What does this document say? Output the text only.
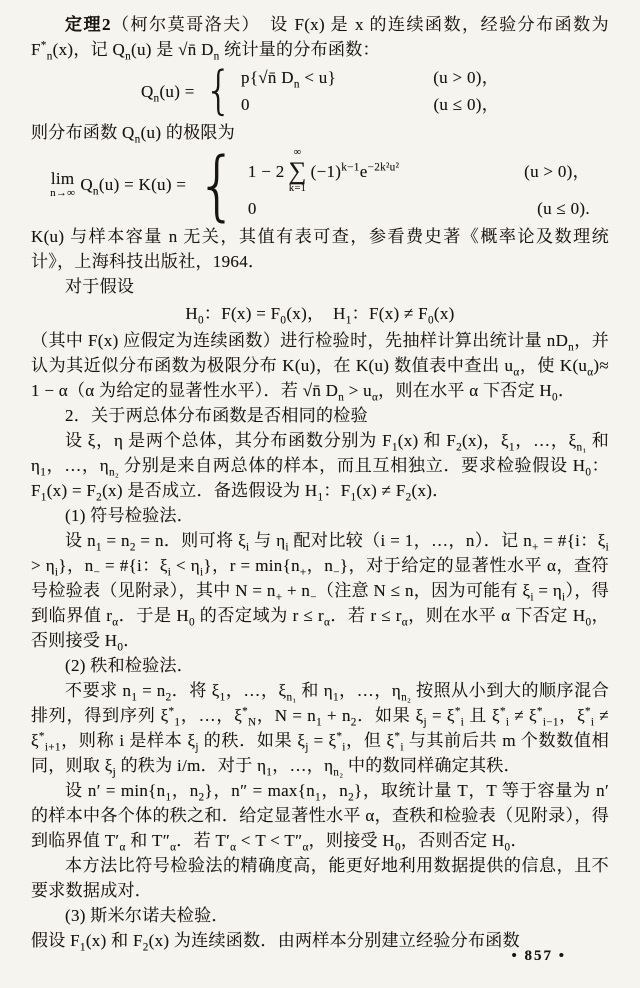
定理2（柯尔莫哥洛夫）　设 F(x) 是 x 的连续函数，经验分布函数为 $F^*_n(x)$，记 $Q_n(u)$ 是 √n̄ $D_n$ 统计量的分布函数：

$Q_n(u)$ = { p{√n̄ $D_n < u$}	(u > 0)，
0	(u ≤ 0)，

则分布函数 $Q_n(u)$ 的极限为

lim
n→∞ $Q_n(u) = K(u)$ = { 1 − 2
∞
∑
k=1
$(-1)^{k-1}e^{-2k^2u^2}$	(u > 0)，
0	(u ≤ 0).

K(u) 与样本容量 n 无关，其值有表可查，参看费史著《概率论及数理统计》，上海科技出版社，1964．

对于假设

$H_0$：$F(x) = F_0(x)$，　$H_1$：$F(x) \ne F_0(x)$

（其中 F(x) 应假定为连续函数）进行检验时，先抽样计算出统计量 $nD_n$，并认为其近似分布函数为极限分布 K(u)，在 K(u) 数值表中查出 $u_\alpha$，使 $K(u_\alpha)\approx 1 - \alpha(\alpha$ 为给定的显著性水平）．若 √n̄ $D_n > u_\alpha$，则在水平 α 下否定 $H_0$．

2．关于两总体分布函数是否相同的检验

设 ξ，η 是两个总体，其分布函数分别为 $F_1(x)$ 和 $F_2(x)$，$\xi_1$，…，$\xi_{n_1}$ 和 $\eta_1$，…，$\eta_{n_2}$ 分别是来自两总体的样本，而且互相独立．要求检验假设 $H_0$：$F_1(x) = F_2(x)$ 是否成立．备选假设为 $H_1$：$F_1(x) \ne F_2(x)$．

(1) 符号检验法．

设 $n_1 = n_2 = n$．则可将 $\xi_i$ 与 $\eta_i$ 配对比较（i = 1，…，n）．记 $n_+$ = #{i：$\xi_i > \eta_i$}，$n_-$ = #{i：$\xi_i < \eta_i$}，$r = \min\{n_+$，$n_-$}，对于给定的显著性水平 α，查符号检验表（见附录），其中 $N = n_+ + n_-$（注意 N ≤ n，因为可能有 $\xi_i = \eta_i$），得到临界值 $r_\alpha$．于是 $H_0$ 的否定域为 $r \le r_\alpha$．若 $r \le r_\alpha$，则在水平 α 下否定 $H_0$，否则接受 $H_0$．

(2) 秩和检验法．

不要求 $n_1 = n_2$．将 $\xi_1$，…，$\xi_{n_1}$ 和 $\eta_1$，…，$\eta_{n_2}$ 按照从小到大的顺序混合排列，得到序列 $\xi^*_1$，…，$\xi^*_N$，$N = n_1 + n_2$．如果 $\xi_j = \xi^*_i$ 且 $\xi^*_i \ne \xi^*_{i-1}$，$\xi^*_i \ne \xi^*_{i+1}$，则称 i 是样本 $\xi_j$ 的秩．如果 $\xi_j = \xi^*_i$，但 $\xi^*_i$ 与其前后共 m 个数数值相同，则取 $\xi_j$ 的秩为 i/m．对于 $\eta_1$，…，$\eta_{n_2}$ 中的数同样确定其秩．

设 $n' = \min\{n_1$，$n_2$}，$n'' = \max\{n_1$，$n_2$}，取统计量 T，T 等于容量为 n′ 的样本中各个体的秩之和．给定显著性水平 α，查秩和检验表（见附录），得到临界值 $T'_\alpha$ 和 $T''_\alpha$．若 $T'_\alpha < T < T''_\alpha$，则接受 $H_0$，否则否定 $H_0$．

本方法比符号检验法的精确度高，能更好地利用数据提供的信息，且不要求数据成对．

(3) 斯米尔诺夫检验．

假设 $F_1(x)$ 和 $F_2(x)$ 为连续函数．由两样本分别建立经验分布函数

• 857 •
